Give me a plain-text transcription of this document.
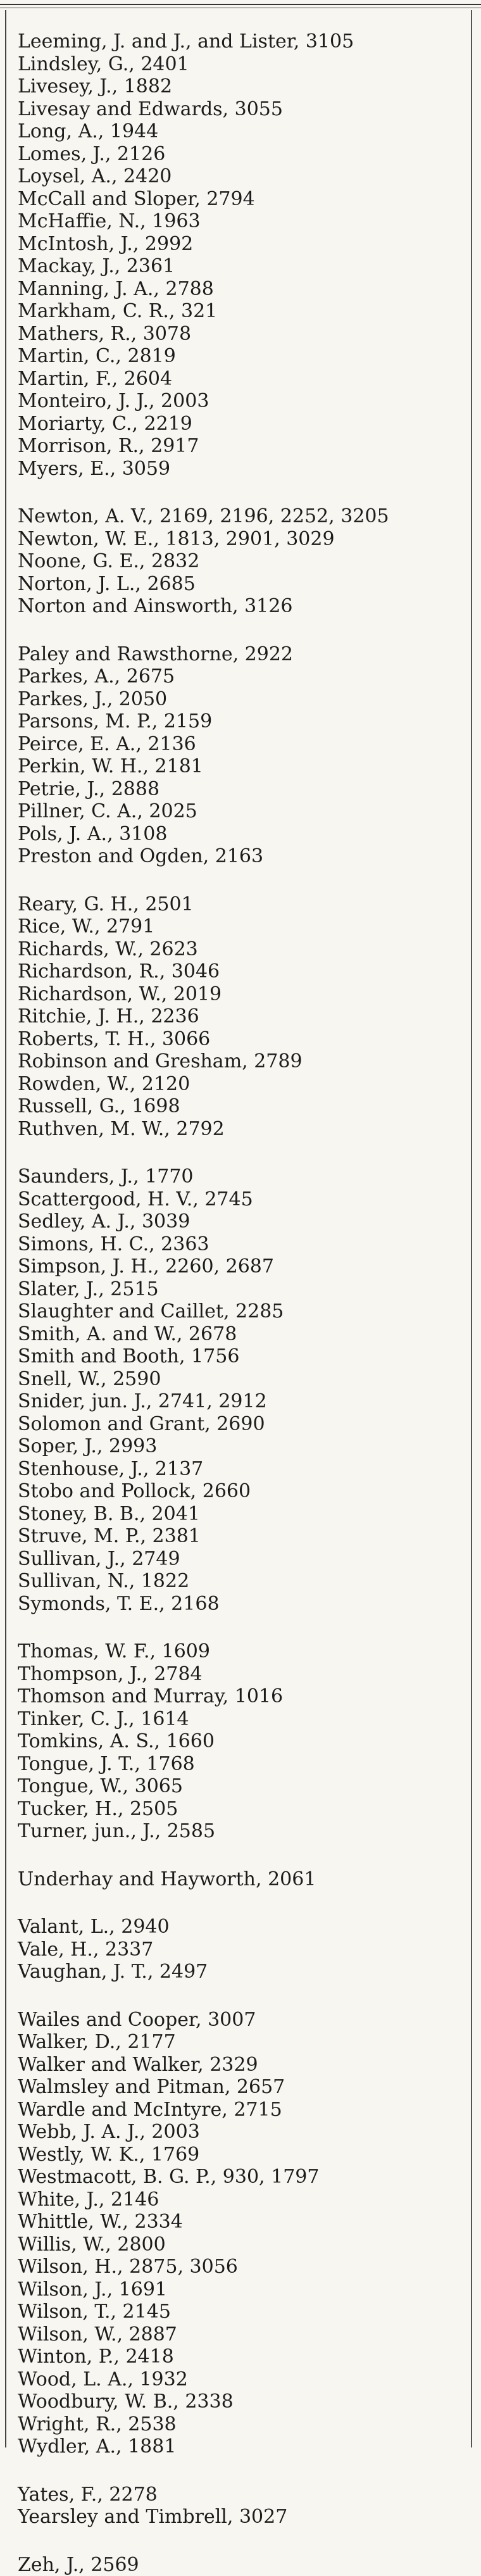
Leeming, J. and J., and Lister, 3105
Lindsley, G., 2401
Livesey, J., 1882
Livesay and Edwards, 3055
Long, A., 1944
Lomes, J., 2126
Loysel, A., 2420
McCall and Sloper, 2794
McHaffie, N., 1963
McIntosh, J., 2992
Mackay, J., 2361
Manning, J. A., 2788
Markham, C. R., 321
Mathers, R., 3078
Martin, C., 2819
Martin, F., 2604
Monteiro, J. J., 2003
Moriarty, C., 2219
Morrison, R., 2917
Myers, E., 3059
Newton, A. V., 2169, 2196, 2252, 3205
Newton, W. E., 1813, 2901, 3029
Noone, G. E., 2832
Norton, J. L., 2685
Norton and Ainsworth, 3126
Paley and Rawsthorne, 2922
Parkes, A., 2675
Parkes, J., 2050
Parsons, M. P., 2159
Peirce, E. A., 2136
Perkin, W. H., 2181
Petrie, J., 2888
Pillner, C. A., 2025
Pols, J. A., 3108
Preston and Ogden, 2163
Reary, G. H., 2501
Rice, W., 2791
Richards, W., 2623
Richardson, R., 3046
Richardson, W., 2019
Ritchie, J. H., 2236
Roberts, T. H., 3066
Robinson and Gresham, 2789
Rowden, W., 2120
Russell, G., 1698
Ruthven, M. W., 2792
Saunders, J., 1770
Scattergood, H. V., 2745
Sedley, A. J., 3039
Simons, H. C., 2363
Simpson, J. H., 2260, 2687
Slater, J., 2515
Slaughter and Caillet, 2285
Smith, A. and W., 2678
Smith and Booth, 1756
Snell, W., 2590
Snider, jun. J., 2741, 2912
Solomon and Grant, 2690
Soper, J., 2993
Stenhouse, J., 2137
Stobo and Pollock, 2660
Stoney, B. B., 2041
Struve, M. P., 2381
Sullivan, J., 2749
Sullivan, N., 1822
Symonds, T. E., 2168
Thomas, W. F., 1609
Thompson, J., 2784
Thomson and Murray, 1016
Tinker, C. J., 1614
Tomkins, A. S., 1660
Tongue, J. T., 1768
Tongue, W., 3065
Tucker, H., 2505
Turner, jun., J., 2585
Underhay and Hayworth, 2061
Valant, L., 2940
Vale, H., 2337
Vaughan, J. T., 2497
Wailes and Cooper, 3007
Walker, D., 2177
Walker and Walker, 2329
Walmsley and Pitman, 2657
Wardle and McIntyre, 2715
Webb, J. A. J., 2003
Westly, W. K., 1769
Westmacott, B. G. P., 930, 1797
White, J., 2146
Whittle, W., 2334
Willis, W., 2800
Wilson, H., 2875, 3056
Wilson, J., 1691
Wilson, T., 2145
Wilson, W., 2887
Winton, P., 2418
Wood, L. A., 1932
Woodbury, W. B., 2338
Wright, R., 2538
Wydler, A., 1881
Yates, F., 2278
Yearsley and Timbrell, 3027
Zeh, J., 2569
